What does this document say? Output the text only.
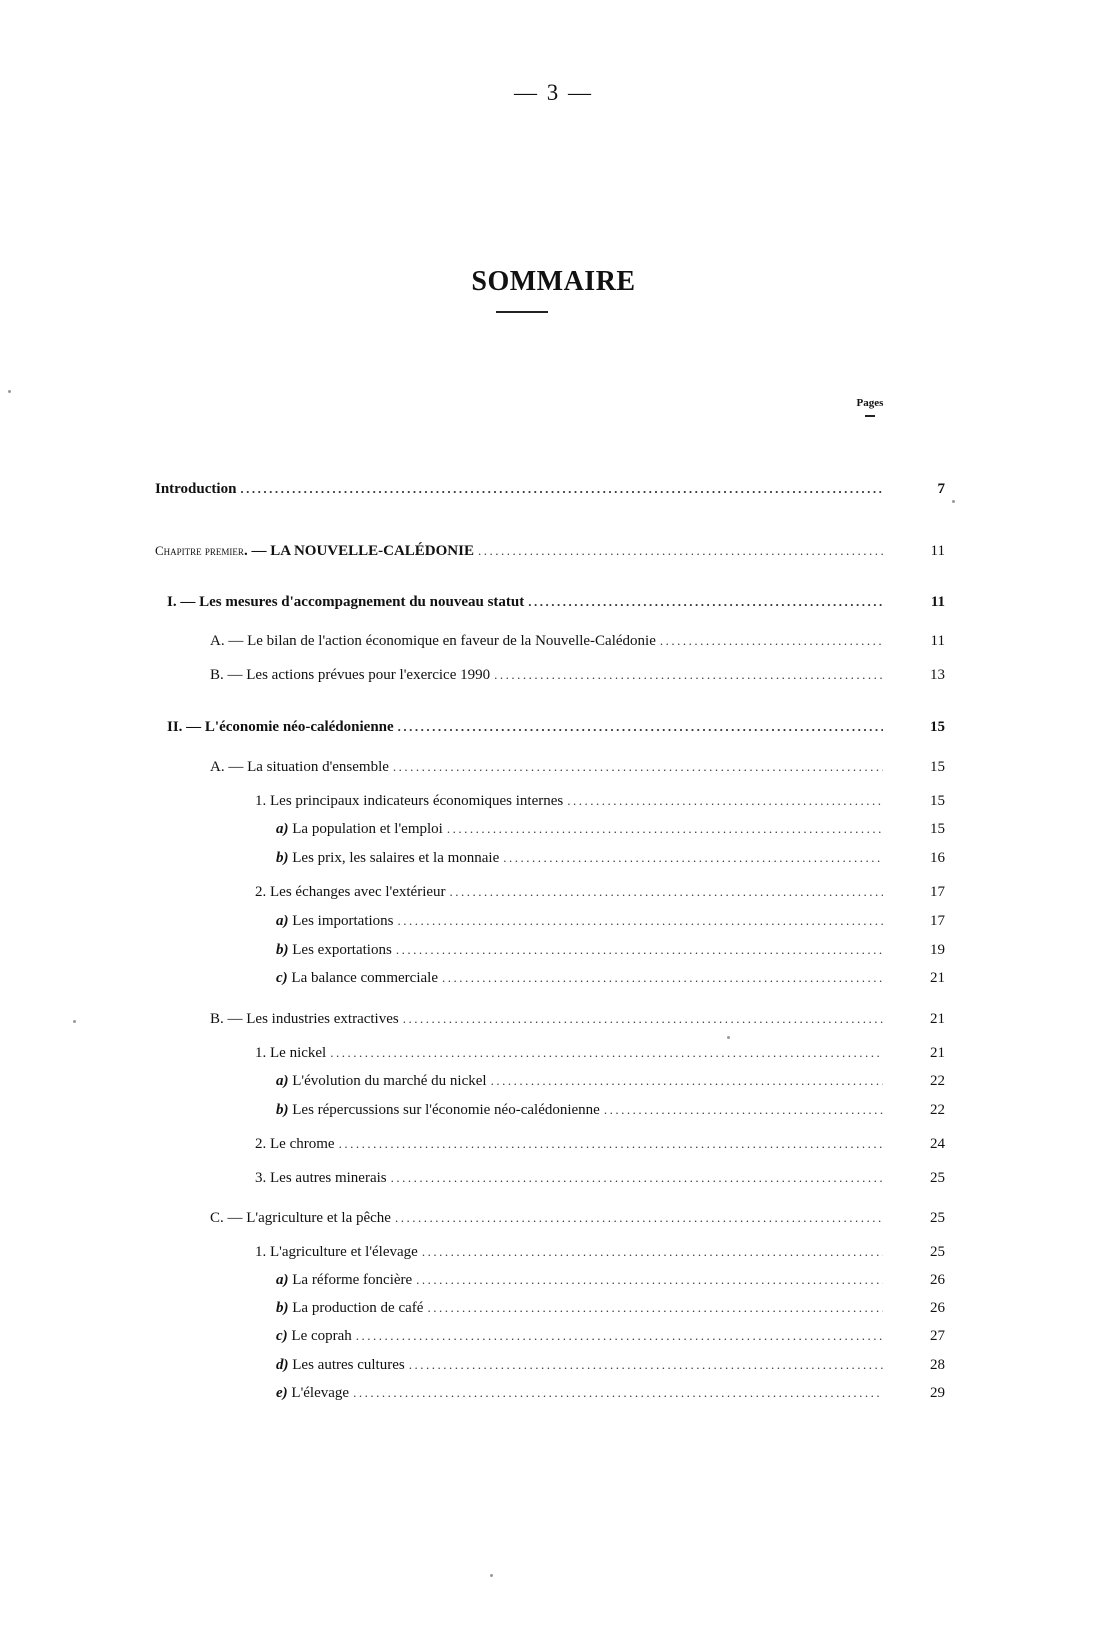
— 3 —
SOMMAIRE
Pages
Introduction .....	7
Chapitre premier. — LA NOUVELLE-CALÉDONIE .....	11
I. — Les mesures d'accompagnement du nouveau statut .....	11
A. — Le bilan de l'action économique en faveur de la Nouvelle-Calédonie .....	11
B. — Les actions prévues pour l'exercice 1990 .....	13
II. — L'économie néo-calédonienne .....	15
A. — La situation d'ensemble .....	15
1. Les principaux indicateurs économiques internes .....	15
a) La population et l'emploi .....	15
b) Les prix, les salaires et la monnaie .....	16
2. Les échanges avec l'extérieur .....	17
a) Les importations .....	17
b) Les exportations .....	19
c) La balance commerciale .....	21
B. — Les industries extractives .....	21
1. Le nickel .....	21
a) L'évolution du marché du nickel .....	22
b) Les répercussions sur l'économie néo-calédonienne .....	22
2. Le chrome .....	24
3. Les autres minerais .....	25
C. — L'agriculture et la pêche .....	25
1. L'agriculture et l'élevage .....	25
a) La réforme foncière .....	26
b) La production de café .....	26
c) Le coprah .....	27
d) Les autres cultures .....	28
e) L'élevage .....	29
